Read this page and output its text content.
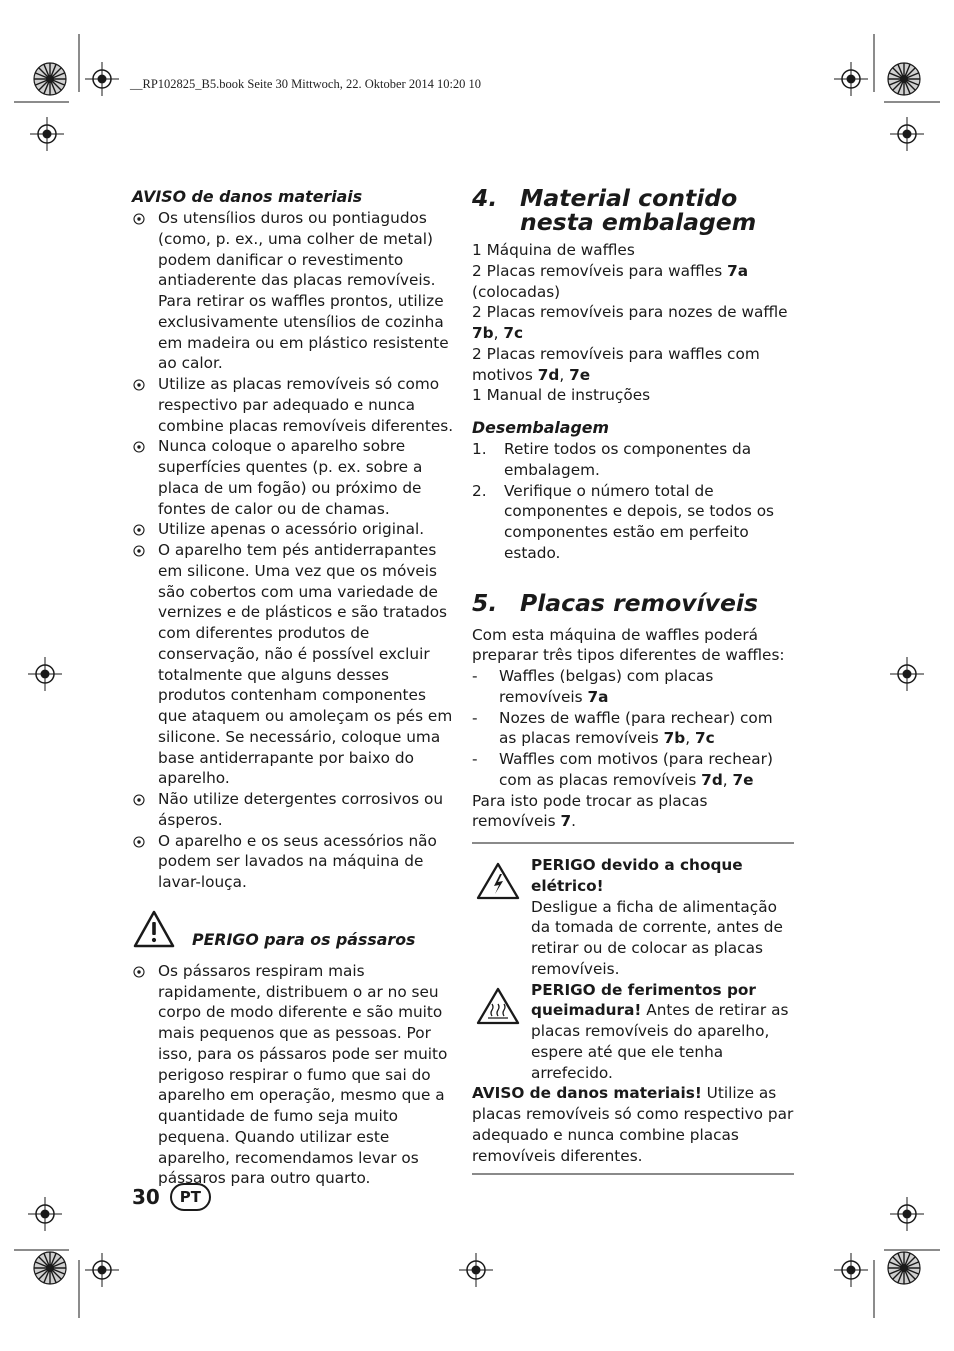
__RP102825_B5.book Seite 30 Mittwoch, 22. Oktober 2014 10:20 10
AVISO de danos materiais
Os utensílios duros ou pontiagudos (como, p. ex., uma colher de metal) podem danificar o revestimento antiaderente das placas removíveis. Para retirar os waffles prontos, utilize exclusivamente utensílios de cozinha em madeira ou em plástico resistente ao calor.
Utilize as placas removíveis só como respectivo par adequado e nunca combine placas removíveis diferentes.
Nunca coloque o aparelho sobre superfícies quentes (p. ex. sobre a placa de um fogão) ou próximo de fontes de calor ou de chamas.
Utilize apenas o acessório original.
O aparelho tem pés antiderrapantes em silicone. Uma vez que os móveis são cobertos com uma variedade de vernizes e de plásticos e são tratados com diferentes produtos de conservação, não é possível excluir totalmente que alguns desses produtos contenham componentes que ataquem ou amoleçam os pés em silicone. Se necessário, coloque uma base antiderrapante por baixo do aparelho.
Não utilize detergentes corrosivos ou ásperos.
O aparelho e os seus acessórios não podem ser lavados na máquina de lavar-louça.
PERIGO para os pássaros
Os pássaros respiram mais rapidamente, distribuem o ar no seu corpo de modo diferente e são muito mais pequenos que as pessoas. Por isso, para os pássaros pode ser muito perigoso respirar o fumo que sai do aparelho em operação, mesmo que a quantidade de fumo seja muito pequena. Quando utilizar este aparelho, recomendamos levar os pássaros para outro quarto.
4. Material contido nesta embalagem
1 Máquina de waffles
2 Placas removíveis para waffles 7a (colocadas)
2 Placas removíveis para nozes de waffle 7b, 7c
2 Placas removíveis para waffles com motivos 7d, 7e
1 Manual de instruções
Desembalagem
1.	Retire todos os componentes da embalagem.
2.	Verifique o número total de componentes e depois, se todos os componentes estão em perfeito estado.
5. Placas removíveis
Com esta máquina de waffles poderá preparar três tipos diferentes de waffles:
-	Waffles (belgas) com placas removíveis 7a
-	Nozes de waffle (para rechear) com as placas removíveis 7b, 7c
-	Waffles com motivos (para rechear) com as placas removíveis 7d, 7e
Para isto pode trocar as placas removíveis 7.
PERIGO devido a choque elétrico!
Desligue a ficha de alimentação da tomada de corrente, antes de retirar ou de colocar as placas removíveis.
PERIGO de ferimentos por queimadura! Antes de retirar as placas removíveis do aparelho, espere até que ele tenha arrefecido.
AVISO de danos materiais! Utilize as placas removíveis só como respectivo par adequado e nunca combine placas removíveis diferentes.
30	PT
